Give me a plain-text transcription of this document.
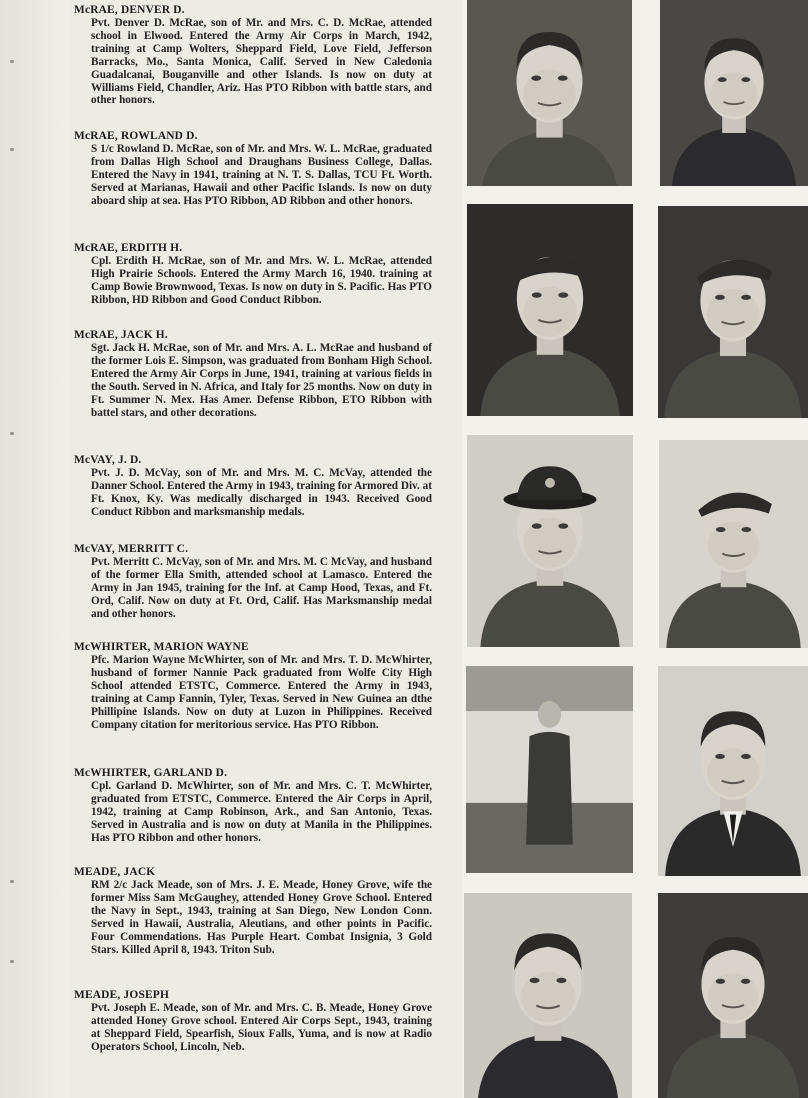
McRAE, DENVER D.

Pvt. Denver D. McRae, son of Mr. and Mrs. C. D. McRae, attended school in Elwood. Entered the Army Air Corps in March, 1942, training at Camp Wolters, Sheppard Field, Love Field, Jefferson Barracks, Mo., Santa Monica, Calif. Served in New Caledonia Guadalcanai, Bouganville and other Islands. Is now on duty at Williams Field, Chandler, Ariz. Has PTO Ribbon with battle stars, and other honors.

McRAE, ROWLAND D.

S 1/c Rowland D. McRae, son of Mr. and Mrs. W. L. McRae, graduated from Dallas High School and Draughans Business College, Dallas. Entered the Navy in 1941, training at N. T. S. Dallas, TCU Ft. Worth. Served at Marianas, Hawaii and other Pacific Islands. Is now on duty aboard ship at sea. Has PTO Ribbon, AD Ribbon and other honors.

McRAE, ERDITH H.

Cpl. Erdith H. McRae, son of Mr. and Mrs. W. L. McRae, attended High Prairie Schools. Entered the Army March 16, 1940. training at Camp Bowie Brownwood, Texas. Is now on duty in S. Pacific. Has PTO Ribbon, HD Ribbon and Good Conduct Ribbon.

McRAE, JACK H.

Sgt. Jack H. McRae, son of Mr. and Mrs. A. L. McRae and husband of the former Lois E. Simpson, was graduated from Bonham High School. Entered the Army Air Corps in June, 1941, training at various fields in the South. Served in N. Africa, and Italy for 25 months. Now on duty in Ft. Summer N. Mex. Has Amer. Defense Ribbon, ETO Ribbon with battel stars, and other decorations.

McVAY, J. D.

Pvt. J. D. McVay, son of Mr. and Mrs. M. C. McVay, attended the Danner School. Entered the Army in 1943, training for Armored Div. at Ft. Knox, Ky. Was medically discharged in 1943. Received Good Conduct Ribbon and marksmanship medals.

McVAY, MERRITT C.

Pvt. Merritt C. McVay, son of Mr. and Mrs. M. C McVay, and husband of the former Ella Smith, attended school at Lamasco. Entered the Army in Jan 1945, training for the Inf. at Camp Hood, Texas, and Ft. Ord, Calif. Now on duty at Ft. Ord, Calif. Has Marksmanship medal and other honors.

McWHIRTER, MARION WAYNE

Pfc. Marion Wayne McWhirter, son of Mr. and Mrs. T. D. McWhirter, husband of former Nannie Pack graduated from Wolfe City High School attended ETSTC, Commerce. Entered the Army in 1943, training at Camp Fannin, Tyler, Texas. Served in New Guinea an dthe Phillipine Islands. Now on duty at Luzon in Philippines. Received Company citation for meritorious service. Has PTO Ribbon.

McWHIRTER, GARLAND D.

Cpl. Garland D. McWhirter, son of Mr. and Mrs. C. T. McWhirter, graduated from ETSTC, Commerce. Entered the Air Corps in April, 1942, training at Camp Robinson, Ark., and San Antonio, Texas. Served in Australia and is now on duty at Manila in the Philippines. Has PTO Ribbon and other honors.

MEADE, JACK

RM 2/c Jack Meade, son of Mrs. J. E. Meade, Honey Grove, wife the former Miss Sam McGaughey, attended Honey Grove School. Entered the Navy in Sept., 1943, training at San Diego, New London Conn. Served in Hawaii, Australia, Aleutians, and other points in Pacific. Four Commendations. Has Purple Heart. Combat Insignia, 3 Gold Stars. Killed April 8, 1943. Triton Sub.

MEADE, JOSEPH

Pvt. Joseph E. Meade, son of Mr. and Mrs. C. B. Meade, Honey Grove attended Honey Grove school. Entered Air Corps Sept., 1943, training at Sheppard Field, Spearfish, Sioux Falls, Yuma, and is now at Radio Operators School, Lincoln, Neb.
